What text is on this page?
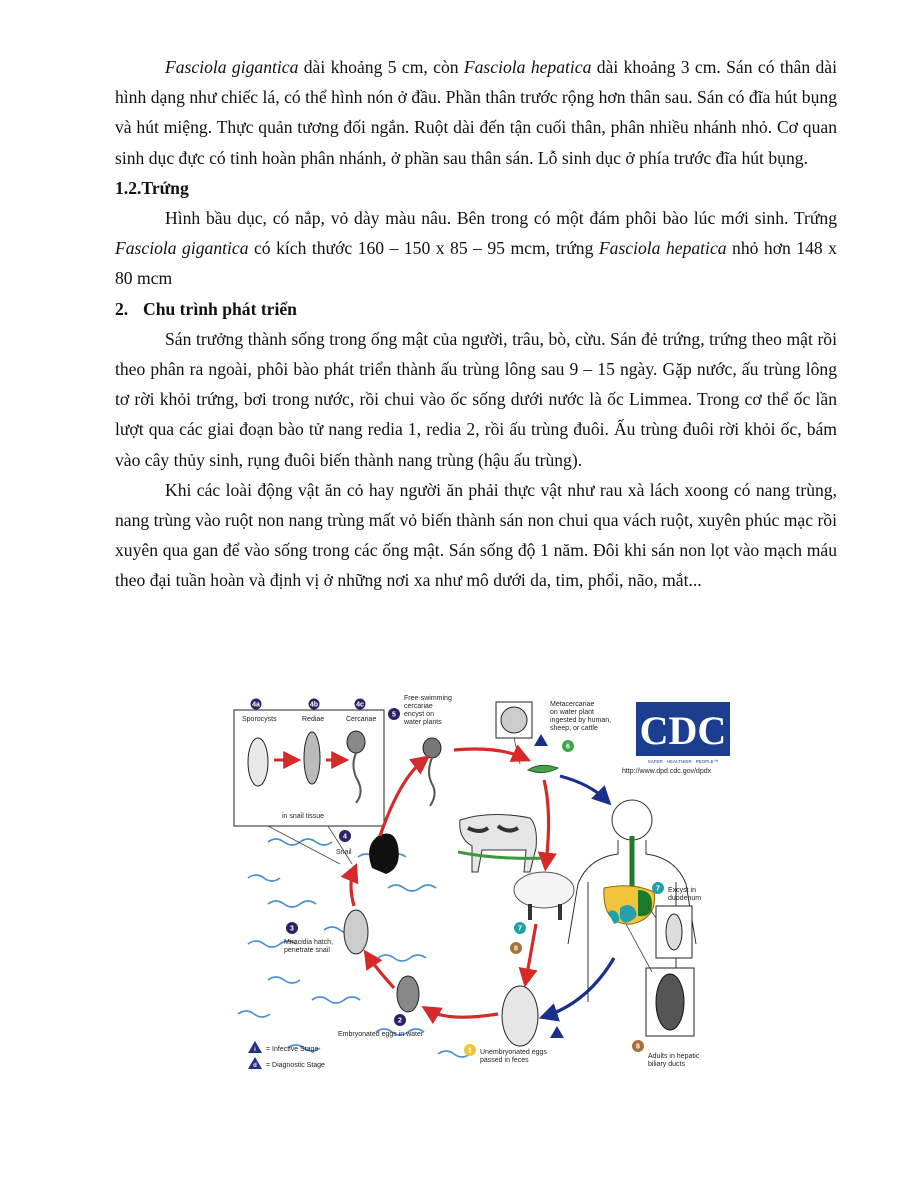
Fasciola gigantica dài khoảng 5 cm, còn Fasciola hepatica dài khoảng 3 cm. Sán có thân dài hình dạng như chiếc lá, có thể hình nón ở đầu. Phần thân trước rộng hơn thân sau. Sán có đĩa hút bụng và hút miệng. Thực quản tương đối ngắn. Ruột dài đến tận cuối thân, phân nhiều nhánh nhỏ. Cơ quan sinh dục đực có tinh hoàn phân nhánh, ở phần sau thân sán. Lỗ sinh dục ở phía trước đĩa hút bụng.

1.2.Trứng

Hình bầu dục, có nắp, vỏ dày màu nâu. Bên trong có một đám phôi bào lúc mới sinh. Trứng Fasciola gigantica có kích thước 160 – 150 x 85 – 95 mcm, trứng Fasciola hepatica nhỏ hơn 148 x 80 mcm

2. Chu trình phát triển

Sán trưởng thành sống trong ống mật của người, trâu, bò, cừu. Sán đẻ trứng, trứng theo mật rồi theo phân ra ngoài, phôi bào phát triển thành ấu trùng lông sau 9 – 15 ngày. Gặp nước, ấu trùng lông tơ rời khỏi trứng, bơi trong nước, rồi chui vào ốc sống dưới nước là ốc Limmea. Trong cơ thể ốc lần lượt qua các giai đoạn bào tử nang redia 1, redia 2, rồi ấu trùng đuôi. Ấu trùng đuôi rời khỏi ốc, bám vào cây thủy sinh, rụng đuôi biến thành nang trùng (hậu ấu trùng).

Khi các loài động vật ăn cỏ hay người ăn phải thực vật như rau xà lách xoong có nang trùng, nang trùng vào ruột non nang trùng mất vỏ biến thành sán non chui qua vách ruột, xuyên phúc mạc rồi xuyên qua gan để vào sống trong các ống mật. Sán sống độ 1 năm. Đôi khi sán non lọt vào mạch máu theo đại tuần hoàn và định vị ở những nơi xa như mô dưới da, tim, phổi, não, mắt...

4a
Sporocysts
4b
Rediae
4c
Cercariae
in snail tissue
5
Free-swimming
cercariae
encyst on
water plants
Metacercariae
on water plant
ingested by human,
sheep, or cattle
6 CDC
SAFER · HEALTHIER · PEOPLE™
http://www.dpd.cdc.gov/dpdx
4
Snail
7 Excyst in
duodenum
8
Adults in hepatic
biliary ducts
7
8
3
Miracidia hatch,
penetrate snail
2
Embryonated eggs in water
1 Unembryonated eggs
passed in feces
i = Infective Stage
d = Diagnostic Stage
